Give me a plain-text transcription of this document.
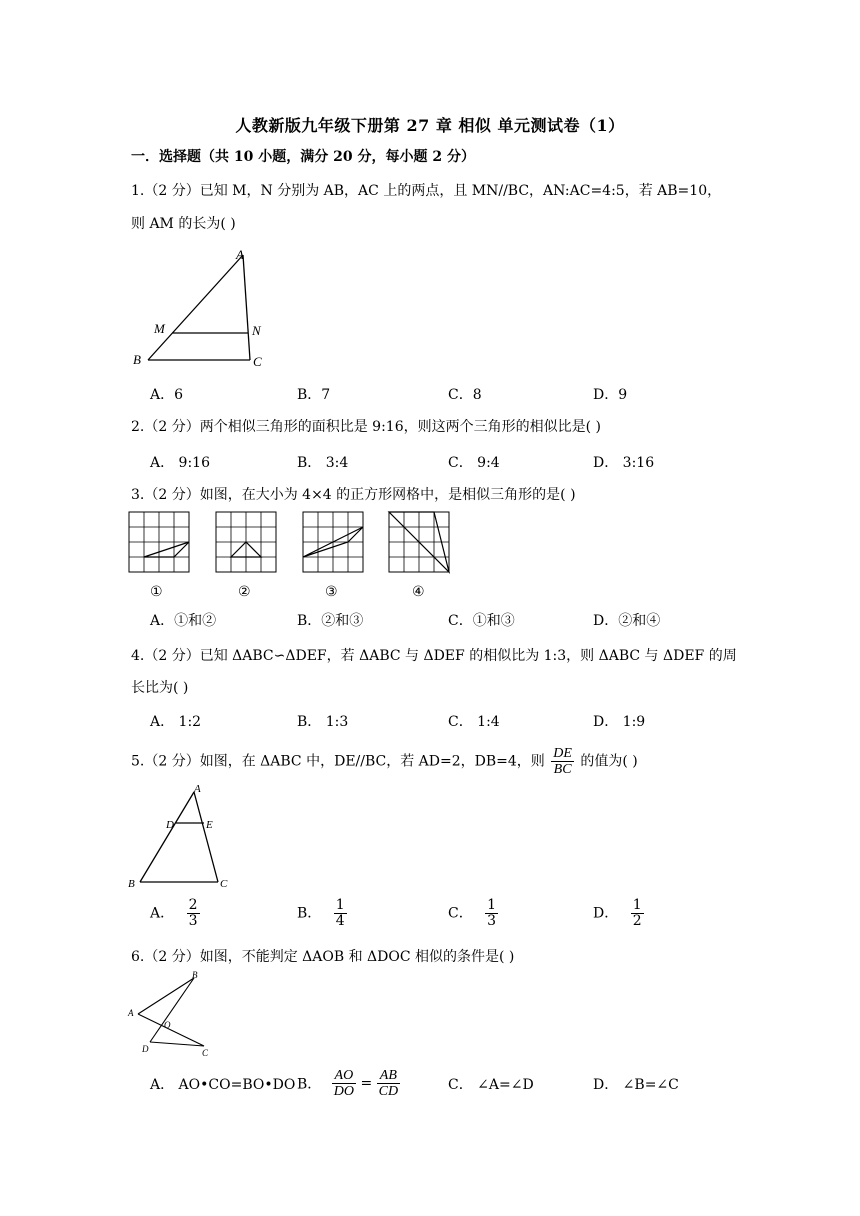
人教新版九年级下册第 27 章 相似 单元测试卷（1）
一．选择题（共 10 小题，满分 20 分，每小题 2 分）
1.（2 分）已知 M，N 分别为 AB，AC 上的两点，且 MN//BC，AN:AC=4:5，若 AB=10，
则 AM 的长为( )
A
B	C
M	N
A．6	B．7	C．8	D．9
2.（2 分）两个相似三角形的面积比是 9:16，则这两个三角形的相似比是( )
A． 9:16	B． 3:4	C． 9:4	D． 3:16
3.（2 分）如图，在大小为 4×4 的正方形网格中，是相似三角形的是( )
①	②	③	④
A．①和②	B．②和③	C．①和③	D．②和④
4.（2 分）已知 ΔABC∽ΔDEF，若 ΔABC 与 ΔDEF 的相似比为 1:3，则 ΔABC 与 ΔDEF 的周
长比为( )
A． 1:2	B． 1:3	C． 1:4	D． 1:9
5.（2 分）如图，在 ΔABC 中，DE//BC，若 AD=2，DB=4，则 $\frac{DE}{BC}$ 的值为( )
A
B	C
D	E
A． $\frac{2}{3}$	B． $\frac{1}{4}$	C． $\frac{1}{3}$	D． $\frac{1}{2}$
6.（2 分）如图，不能判定 ΔAOB 和 ΔDOC 相似的条件是( )
B
A
O
D	C
A． AO•CO=BO•DO B． $\frac{AO}{DO} = \frac{AB}{CD}$	C． ∠A=∠D	D． ∠B=∠C
